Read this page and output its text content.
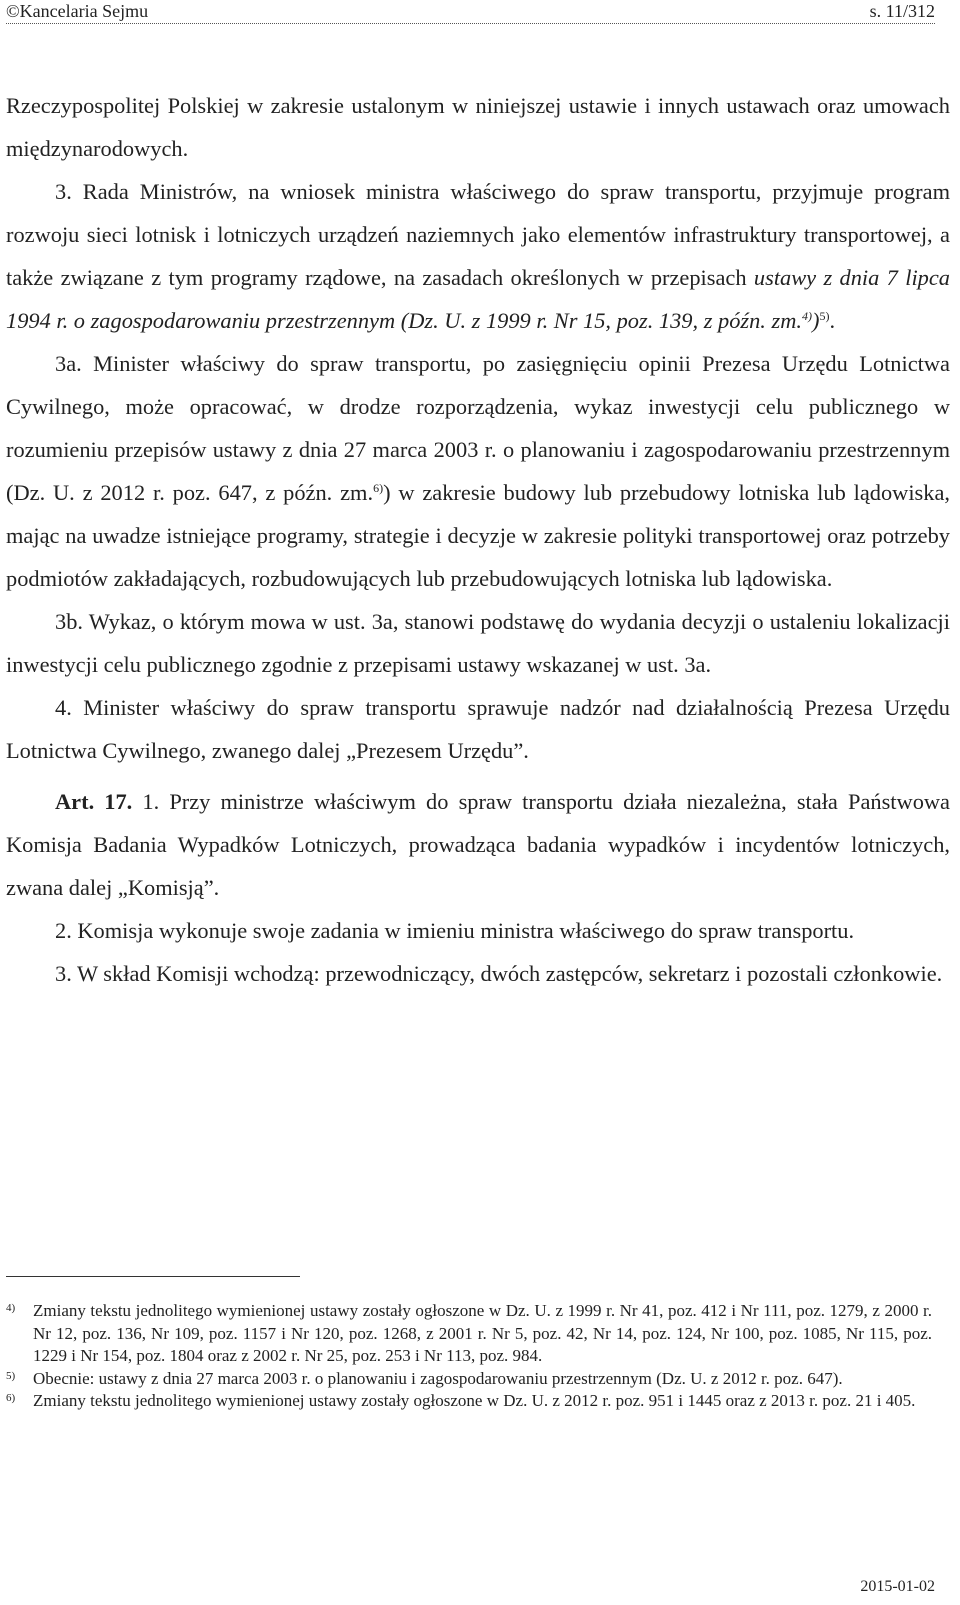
©Kancelaria Sejmu	s. 11/312

Rzeczypospolitej Polskiej w zakresie ustalonym w niniejszej ustawie i innych ustawach oraz umowach międzynarodowych.

3. Rada Ministrów, na wniosek ministra właściwego do spraw transportu, przyjmuje program rozwoju sieci lotnisk i lotniczych urządzeń naziemnych jako elementów infrastruktury transportowej, a także związane z tym programy rządowe, na zasadach określonych w przepisach ustawy z dnia 7 lipca 1994 r. o zagospodarowaniu przestrzennym (Dz. U. z 1999 r. Nr 15, poz. 139, z późn. zm.$^{4)}$)$^{5)}$.

3a. Minister właściwy do spraw transportu, po zasięgnięciu opinii Prezesa Urzędu Lotnictwa Cywilnego, może opracować, w drodze rozporządzenia, wykaz inwestycji celu publicznego w rozumieniu przepisów ustawy z dnia 27 marca 2003 r. o planowaniu i zagospodarowaniu przestrzennym (Dz. U. z 2012 r. poz. 647, z późn. zm.$^{6)}$) w zakresie budowy lub przebudowy lotniska lub lądowiska, mając na uwadze istniejące programy, strategie i decyzje w zakresie polityki transportowej oraz potrzeby podmiotów zakładających, rozbudowujących lub przebudowujących lotniska lub lądowiska.

3b. Wykaz, o którym mowa w ust. 3a, stanowi podstawę do wydania decyzji o ustaleniu lokalizacji inwestycji celu publicznego zgodnie z przepisami ustawy wskazanej w ust. 3a.

4. Minister właściwy do spraw transportu sprawuje nadzór nad działalnością Prezesa Urzędu Lotnictwa Cywilnego, zwanego dalej „Prezesem Urzędu”.

Art. 17. 1. Przy ministrze właściwym do spraw transportu działa niezależna, stała Państwowa Komisja Badania Wypadków Lotniczych, prowadząca badania wypadków i incydentów lotniczych, zwana dalej „Komisją”.

2. Komisja wykonuje swoje zadania w imieniu ministra właściwego do spraw transportu.

3. W skład Komisji wchodzą: przewodniczący, dwóch zastępców, sekretarz i pozostali członkowie.

4) Zmiany tekstu jednolitego wymienionej ustawy zostały ogłoszone w Dz. U. z 1999 r. Nr 41, poz. 412 i Nr 111, poz. 1279, z 2000 r. Nr 12, poz. 136, Nr 109, poz. 1157 i Nr 120, poz. 1268, z 2001 r. Nr 5, poz. 42, Nr 14, poz. 124, Nr 100, poz. 1085, Nr 115, poz. 1229 i Nr 154, poz. 1804 oraz z 2002 r. Nr 25, poz. 253 i Nr 113, poz. 984.

5) Obecnie: ustawy z dnia 27 marca 2003 r. o planowaniu i zagospodarowaniu przestrzennym (Dz. U. z 2012 r. poz. 647).

6) Zmiany tekstu jednolitego wymienionej ustawy zostały ogłoszone w Dz. U. z 2012 r. poz. 951 i 1445 oraz z 2013 r. poz. 21 i 405.

2015-01-02
